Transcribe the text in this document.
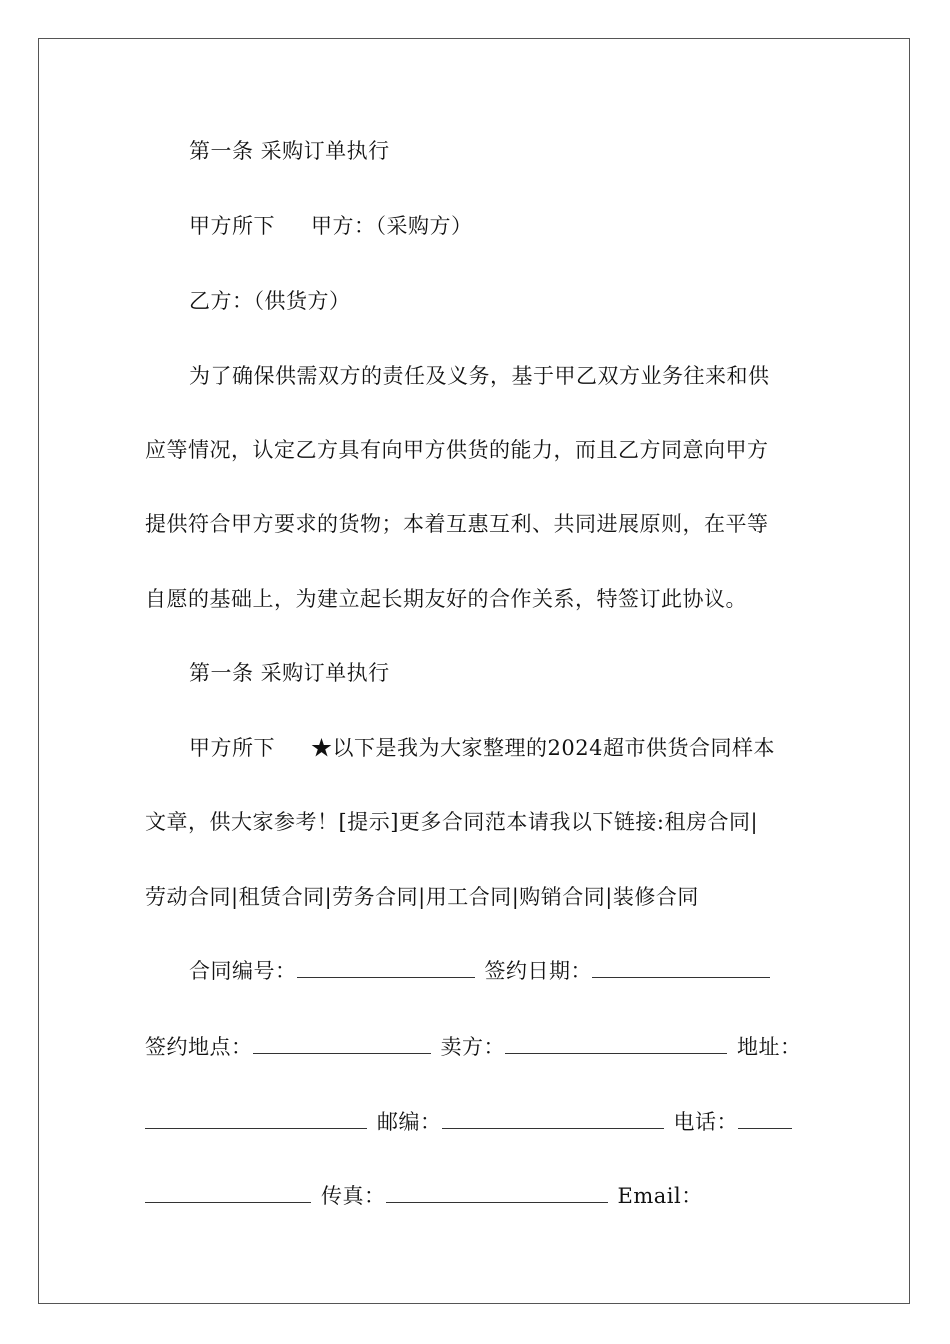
第一条 采购订单执行
甲方所下 甲方：（采购方）
乙方：（供货方）
为了确保供需双方的责任及义务，基于甲乙双方业务往来和供
应等情况，认定乙方具有向甲方供货的能力，而且乙方同意向甲方
提供符合甲方要求的货物；本着互惠互利、共同进展原则，在平等
自愿的基础上，为建立起长期友好的合作关系，特签订此协议。
第一条 采购订单执行
甲方所下 ★以下是我为大家整理的2024超市供货合同样本
文章，供大家参考！[提示]更多合同范本请我以下链接:租房合同|
劳动合同|租赁合同|劳务合同|用工合同|购销合同|装修合同
合同编号：	签约日期：
签约地点：	卖方：	地址：
邮编：	电话：
传真：	Email：
